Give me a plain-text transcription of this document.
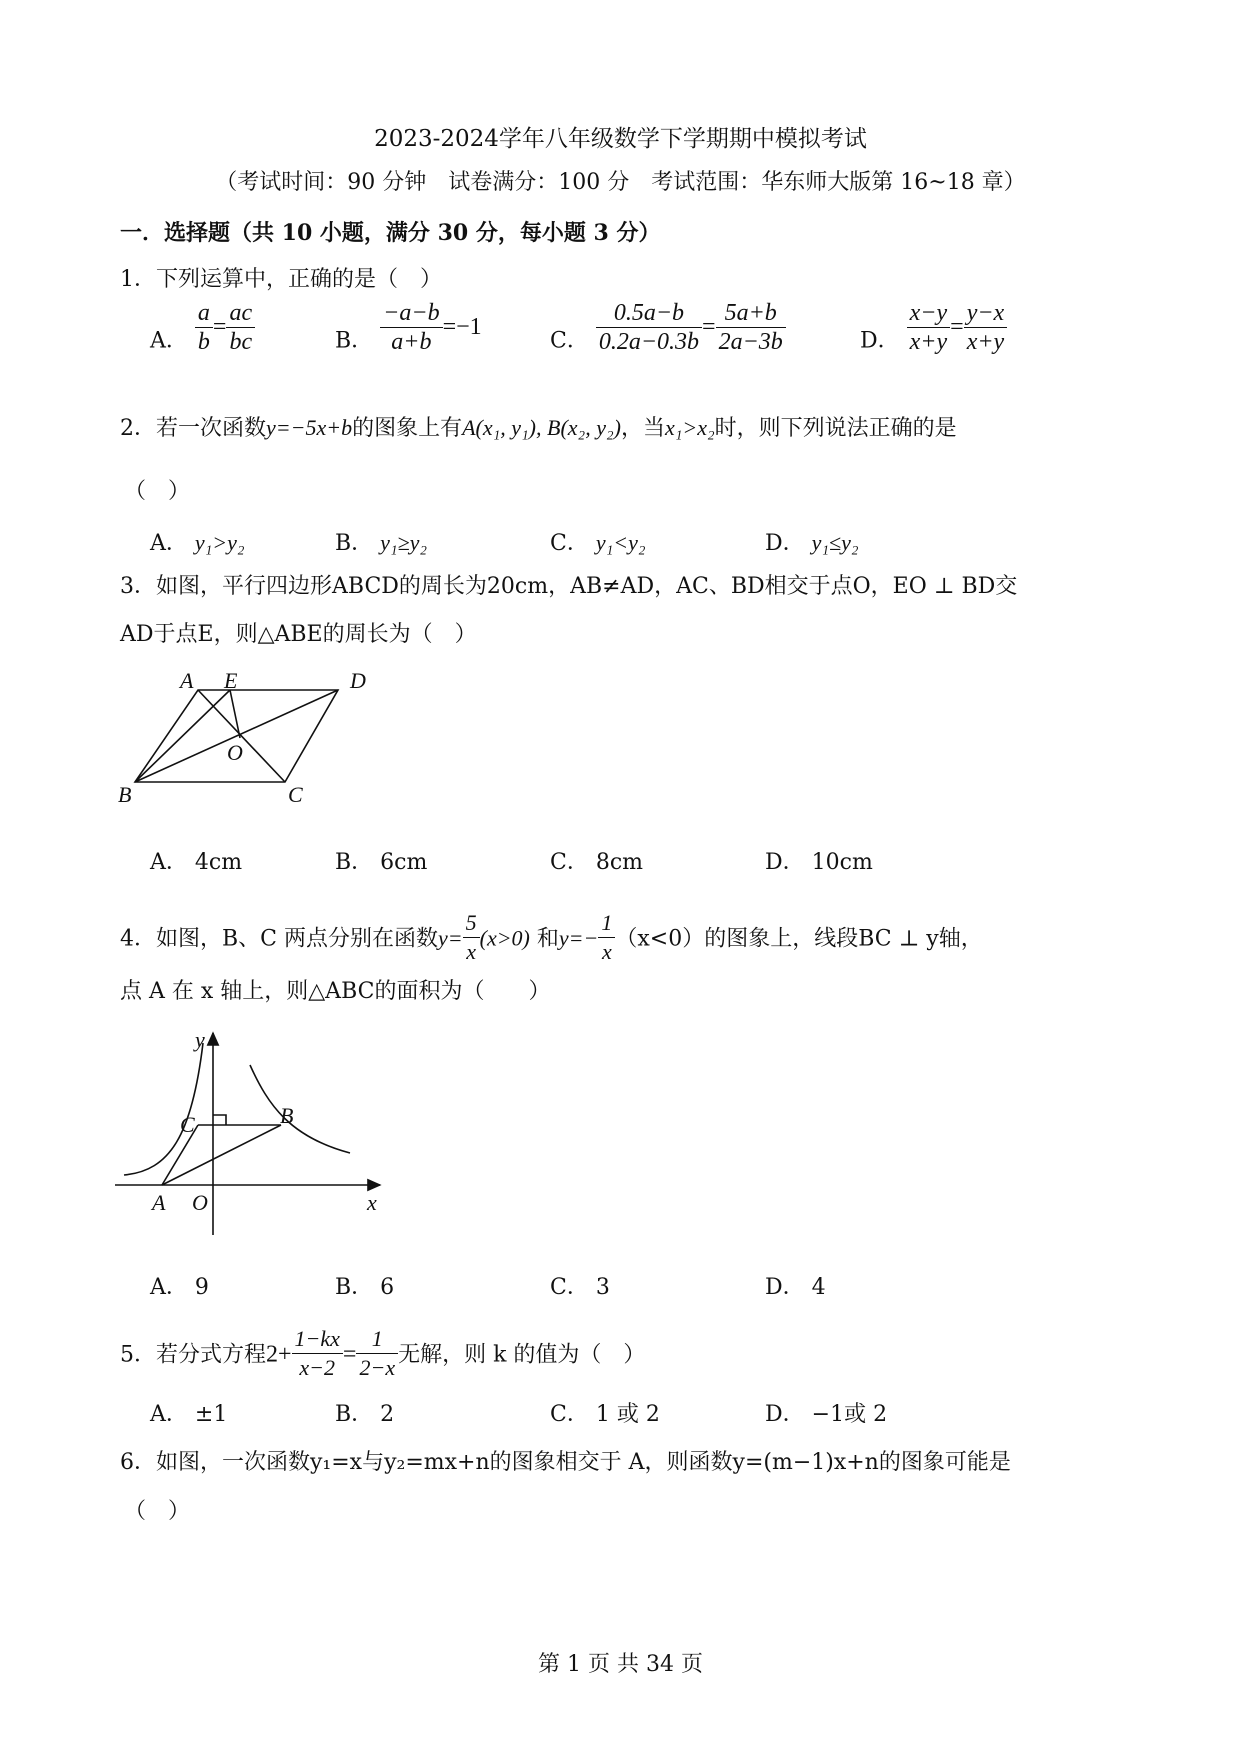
2023-2024学年八年级数学下学期期中模拟考试
（考试时间：90 分钟　试卷满分：100 分　考试范围：华东师大版第 16~18 章）
一．选择题（共 10 小题，满分 30 分，每小题 3 分）
1．下列运算中，正确的是（　）
A． $\frac{a}{b} = \frac{ac}{bc}$	B． $\frac{-a-b}{a+b} =-1$
C． $\frac{0.5a-b}{0.2a-0.3b} = \frac{5a+b}{2a-3b}$	D． $\frac{x-y}{x+y} = \frac{y-x}{x+y}$
2．若一次函数y=−5x+b的图象上有A(x₁, y₁), B(x₂, y₂)，当x₁>x₂时，则下列说法正确的是
（　）
A． y₁>y₂	B． y₁≥y₂	C． y₁<y₂	D． y₁≤y₂
3．如图，平行四边形ABCD的周长为20cm，AB≠AD，AC、BD相交于点O，EO ⊥ BD交
AD于点E，则△ABE的周长为（　）
A E	D
O
B	C
A． 4cm	B． 6cm	C． 8cm	D． 10cm
4．如图，B、C 两点分别在函数$y= \frac{5}{x} (x>0)$ 和$y=- \frac{1}{x} (x<0)$的图象上，线段BC ⊥ y轴，
点 A 在 x 轴上，则△ABC的面积为（　　）
y
x
C	B
A O
A． 9	B． 6	C． 3	D． 4
5．若分式方程$2+ \frac{1-kx}{x-2} = \frac{1}{2-x}$ 无解，则 k 的值为（　）
A． ±1	B． 2	C． 1 或 2	D． −1或 2
6．如图，一次函数y₁=x与y₂=mx+n的图象相交于 A，则函数y=(m−1)x+n的图象可能是
（　）
第 1 页 共 34 页
